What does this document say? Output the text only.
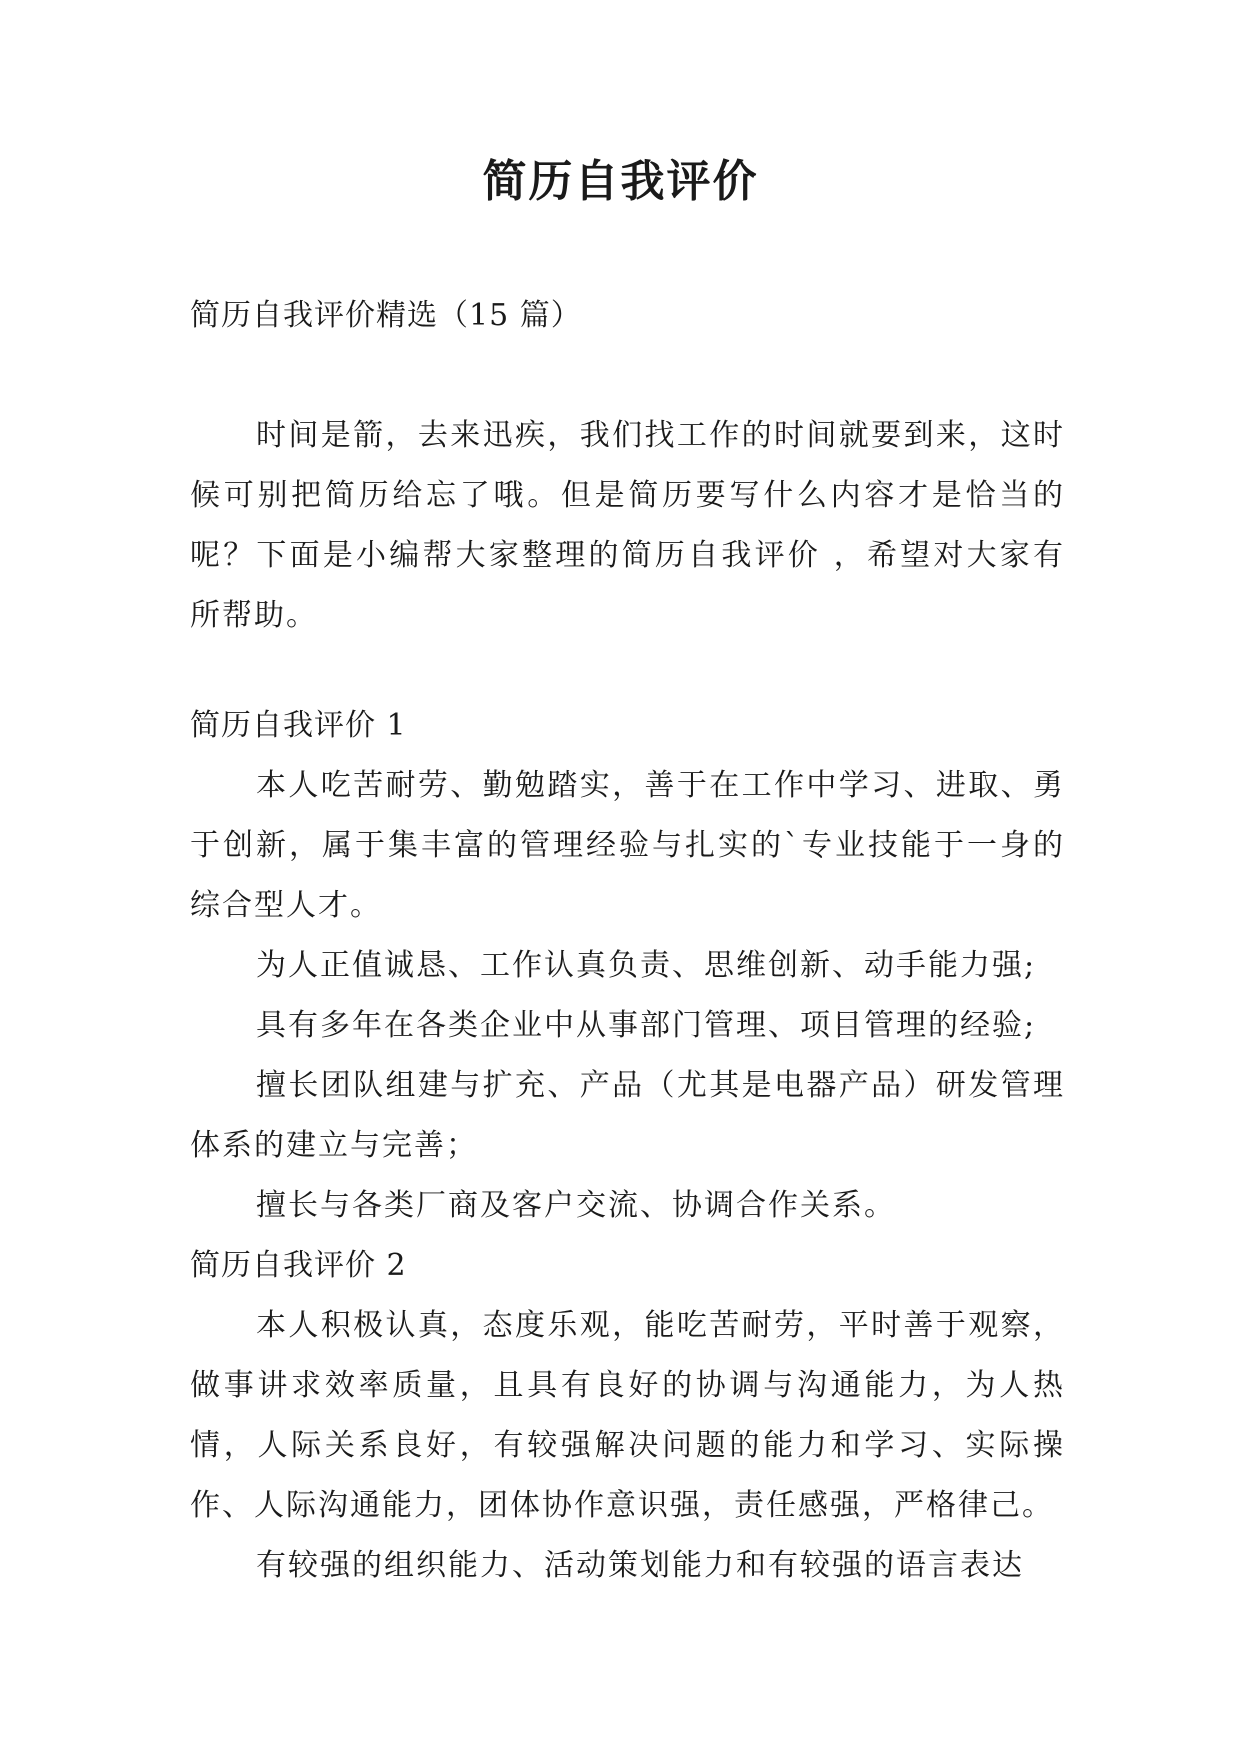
简历自我评价

简历自我评价精选（15 篇）

时间是箭，去来迅疾，我们找工作的时间就要到来，这时候可别把简历给忘了哦。但是简历要写什么内容才是恰当的呢？下面是小编帮大家整理的简历自我评价 ，希望对大家有所帮助。

简历自我评价 1

本人吃苦耐劳、勤勉踏实，善于在工作中学习、进取、勇于创新，属于集丰富的管理经验与扎实的`专业技能于一身的综合型人才。

为人正值诚恳、工作认真负责、思维创新、动手能力强;

具有多年在各类企业中从事部门管理、项目管理的经验;

擅长团队组建与扩充、产品（尤其是电器产品）研发管理体系的建立与完善；

擅长与各类厂商及客户交流、协调合作关系。

简历自我评价 2

本人积极认真，态度乐观，能吃苦耐劳，平时善于观察，做事讲求效率质量，且具有良好的协调与沟通能力，为人热情，人际关系良好，有较强解决问题的能力和学习、实际操作、人际沟通能力，团体协作意识强，责任感强，严格律己。

有较强的组织能力、活动策划能力和有较强的语言表达
